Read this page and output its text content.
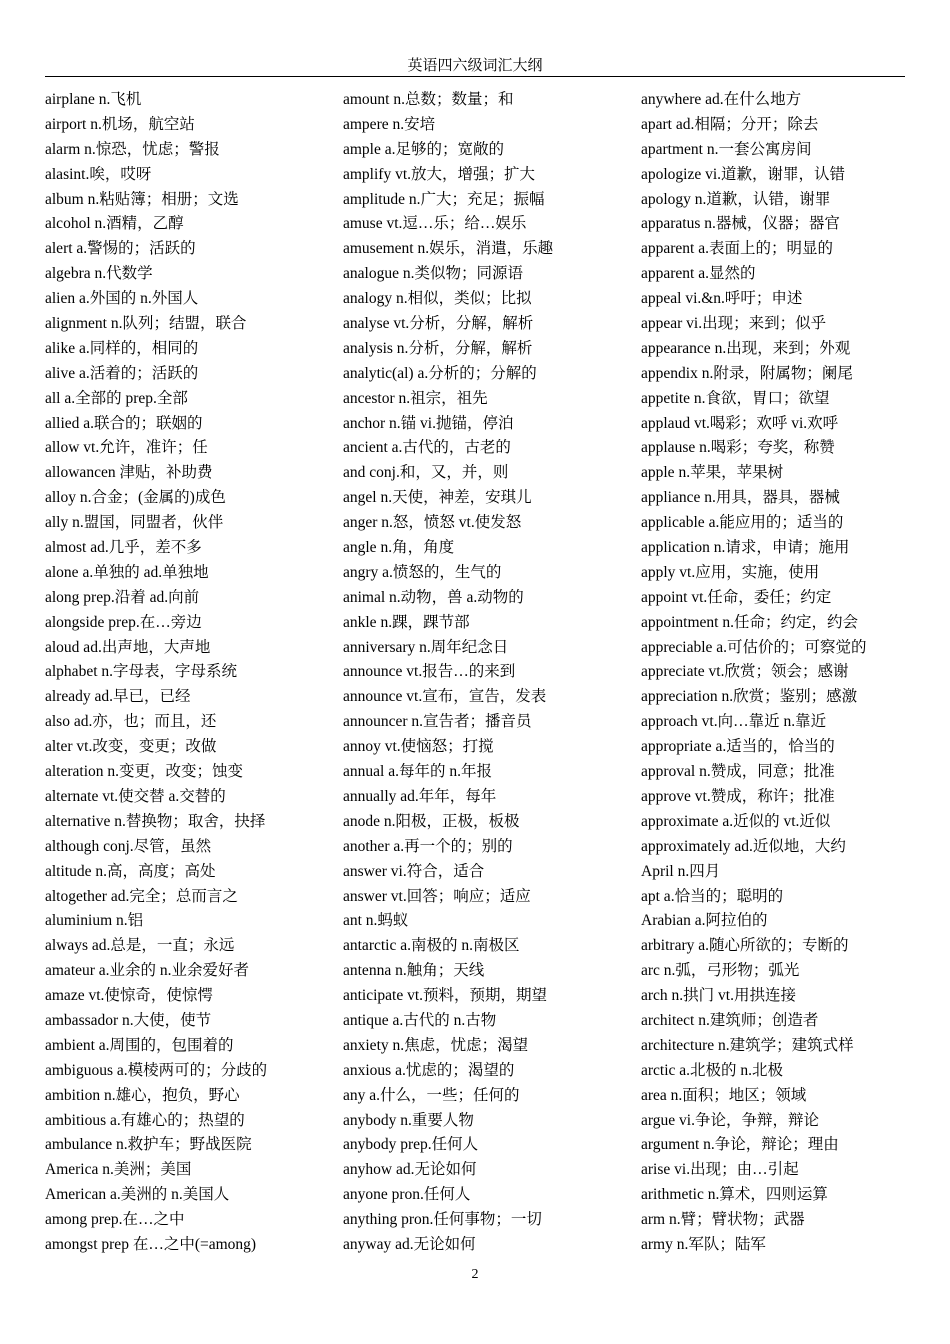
英语四六级词汇大纲
airplane n.飞机
airport n.机场，航空站
alarm n.惊恐，忧虑；警报
alasint.唉，哎呀
album n.粘贴簿；相册；文选
alcohol n.酒精，乙醇
alert a.警惕的；活跃的
algebra n.代数学
alien a.外国的 n.外国人
alignment n.队列；结盟，联合
alike a.同样的，相同的
alive a.活着的；活跃的
all a.全部的 prep.全部
allied a.联合的；联姻的
allow vt.允许，准许；任
allowancen 津贴，补助费
alloy n.合金；(金属的)成色
ally n.盟国，同盟者，伙伴
almost ad.几乎，差不多
alone a.单独的 ad.单独地
along prep.沿着 ad.向前
alongside prep.在…旁边
aloud ad.出声地，大声地
alphabet n.字母表，字母系统
already ad.早已，已经
also ad.亦，也；而且，还
alter vt.改变，变更；改做
alteration n.变更，改变；蚀变
alternate vt.使交替 a.交替的
alternative n.替换物；取舍，抉择
although conj.尽管，虽然
altitude n.高，高度；高处
altogether ad.完全；总而言之
aluminium n.铝
always ad.总是，一直；永远
amateur a.业余的 n.业余爱好者
amaze vt.使惊奇，使惊愕
ambassador n.大使，使节
ambient a.周围的，包围着的
ambiguous a.模棱两可的；分歧的
ambition n.雄心，抱负，野心
ambitious a.有雄心的；热望的
ambulance n.救护车；野战医院
America n.美洲；美国
American a.美洲的 n.美国人
among prep.在…之中
amongst prep 在…之中(=among)
amount n.总数；数量；和
ampere n.安培
ample a.足够的；宽敞的
amplify vt.放大，增强；扩大
amplitude n.广大；充足；振幅
amuse vt.逗…乐；给…娱乐
amusement n.娱乐，消遣，乐趣
analogue n.类似物；同源语
analogy n.相似，类似；比拟
analyse vt.分析，分解，解析
analysis n.分析，分解，解析
analytic(al) a.分析的；分解的
ancestor n.祖宗，祖先
anchor n.锚 vi.抛锚，停泊
ancient a.古代的，古老的
and conj.和，又，并，则
angel n.天使，神差，安琪儿
anger n.怒，愤怒 vt.使发怒
angle n.角，角度
angry a.愤怒的，生气的
animal n.动物，兽 a.动物的
ankle n.踝，踝节部
anniversary n.周年纪念日
announce vt.报告…的来到
announce vt.宣布，宣告，发表
announcer n.宣告者；播音员
annoy vt.使恼怒；打搅
annual a.每年的 n.年报
annually ad.年年，每年
anode n.阳极，正极，板极
another a.再一个的；别的
answer vi.符合，适合
answer vt.回答；响应；适应
ant n.蚂蚁
antarctic a.南极的 n.南极区
antenna n.触角；天线
anticipate vt.预料，预期，期望
antique a.古代的 n.古物
anxiety n.焦虑，忧虑；渴望
anxious a.忧虑的；渴望的
any a.什么，一些；任何的
anybody n.重要人物
anybody prep.任何人
anyhow ad.无论如何
anyone pron.任何人
anything pron.任何事物；一切
anyway ad.无论如何
anywhere ad.在什么地方
apart ad.相隔；分开；除去
apartment n.一套公寓房间
apologize vi.道歉，谢罪，认错
apology n.道歉，认错，谢罪
apparatus n.器械，仪器；器官
apparent a.表面上的；明显的
apparent a.显然的
appeal vi.&n.呼吁；申述
appear vi.出现；来到；似乎
appearance n.出现，来到；外观
appendix n.附录，附属物；阑尾
appetite n.食欲，胃口；欲望
applaud vt.喝彩；欢呼 vi.欢呼
applause n.喝彩；夸奖，称赞
apple n.苹果，苹果树
appliance n.用具，器具，器械
applicable a.能应用的；适当的
application n.请求，申请；施用
apply vt.应用，实施，使用
appoint vt.任命，委任；约定
appointment n.任命；约定，约会
appreciable a.可估价的；可察觉的
appreciate vt.欣赏；领会；感谢
appreciation n.欣赏；鉴别；感激
approach vt.向…靠近 n.靠近
appropriate a.适当的，恰当的
approval n.赞成，同意；批准
approve vt.赞成，称许；批准
approximate a.近似的 vt.近似
approximately ad.近似地，大约
April n.四月
apt a.恰当的；聪明的
Arabian a.阿拉伯的
arbitrary a.随心所欲的；专断的
arc n.弧，弓形物；弧光
arch n.拱门 vt.用拱连接
architect n.建筑师；创造者
architecture n.建筑学；建筑式样
arctic a.北极的 n.北极
area n.面积；地区；领域
argue vi.争论，争辩，辩论
argument n.争论，辩论；理由
arise vi.出现；由…引起
arithmetic n.算术，四则运算
arm n.臂；臂状物；武器
army n.军队；陆军
2
